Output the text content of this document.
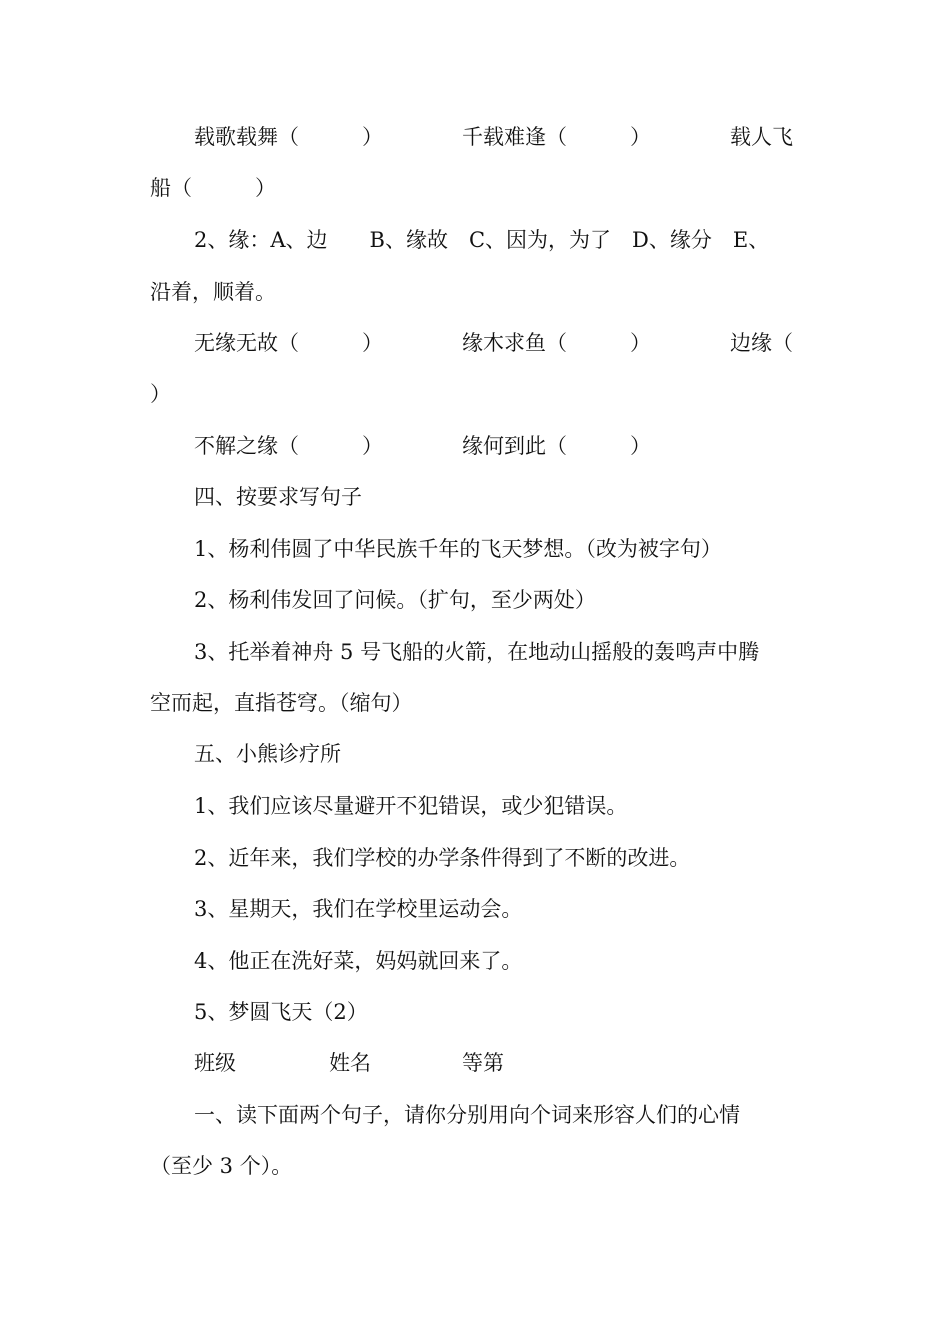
载歌载舞（　　　）	千载难逢（　　　）	载人飞
船（　　　）
2、缘：A、边　　B、缘故　C、因为，为了　D、缘分　E、
沿着，顺着。
无缘无故（　　　）	缘木求鱼（　　　）	边缘（
）
不解之缘（　　　）	缘何到此（　　　）
四、按要求写句子
1、杨利伟圆了中华民族千年的飞天梦想。（改为被字句）
2、杨利伟发回了问候。（扩句，至少两处）
3、托举着神舟 5 号飞船的火箭，在地动山摇般的轰鸣声中腾
空而起，直指苍穹。（缩句）
五、小熊诊疗所
1、我们应该尽量避开不犯错误，或少犯错误。
2、近年来，我们学校的办学条件得到了不断的改进。
3、星期天，我们在学校里运动会。
4、他正在洗好菜，妈妈就回来了。
5、梦圆飞天（2）
班级	姓名	等第
一、读下面两个句子，请你分别用向个词来形容人们的心情
（至少 3 个）。
